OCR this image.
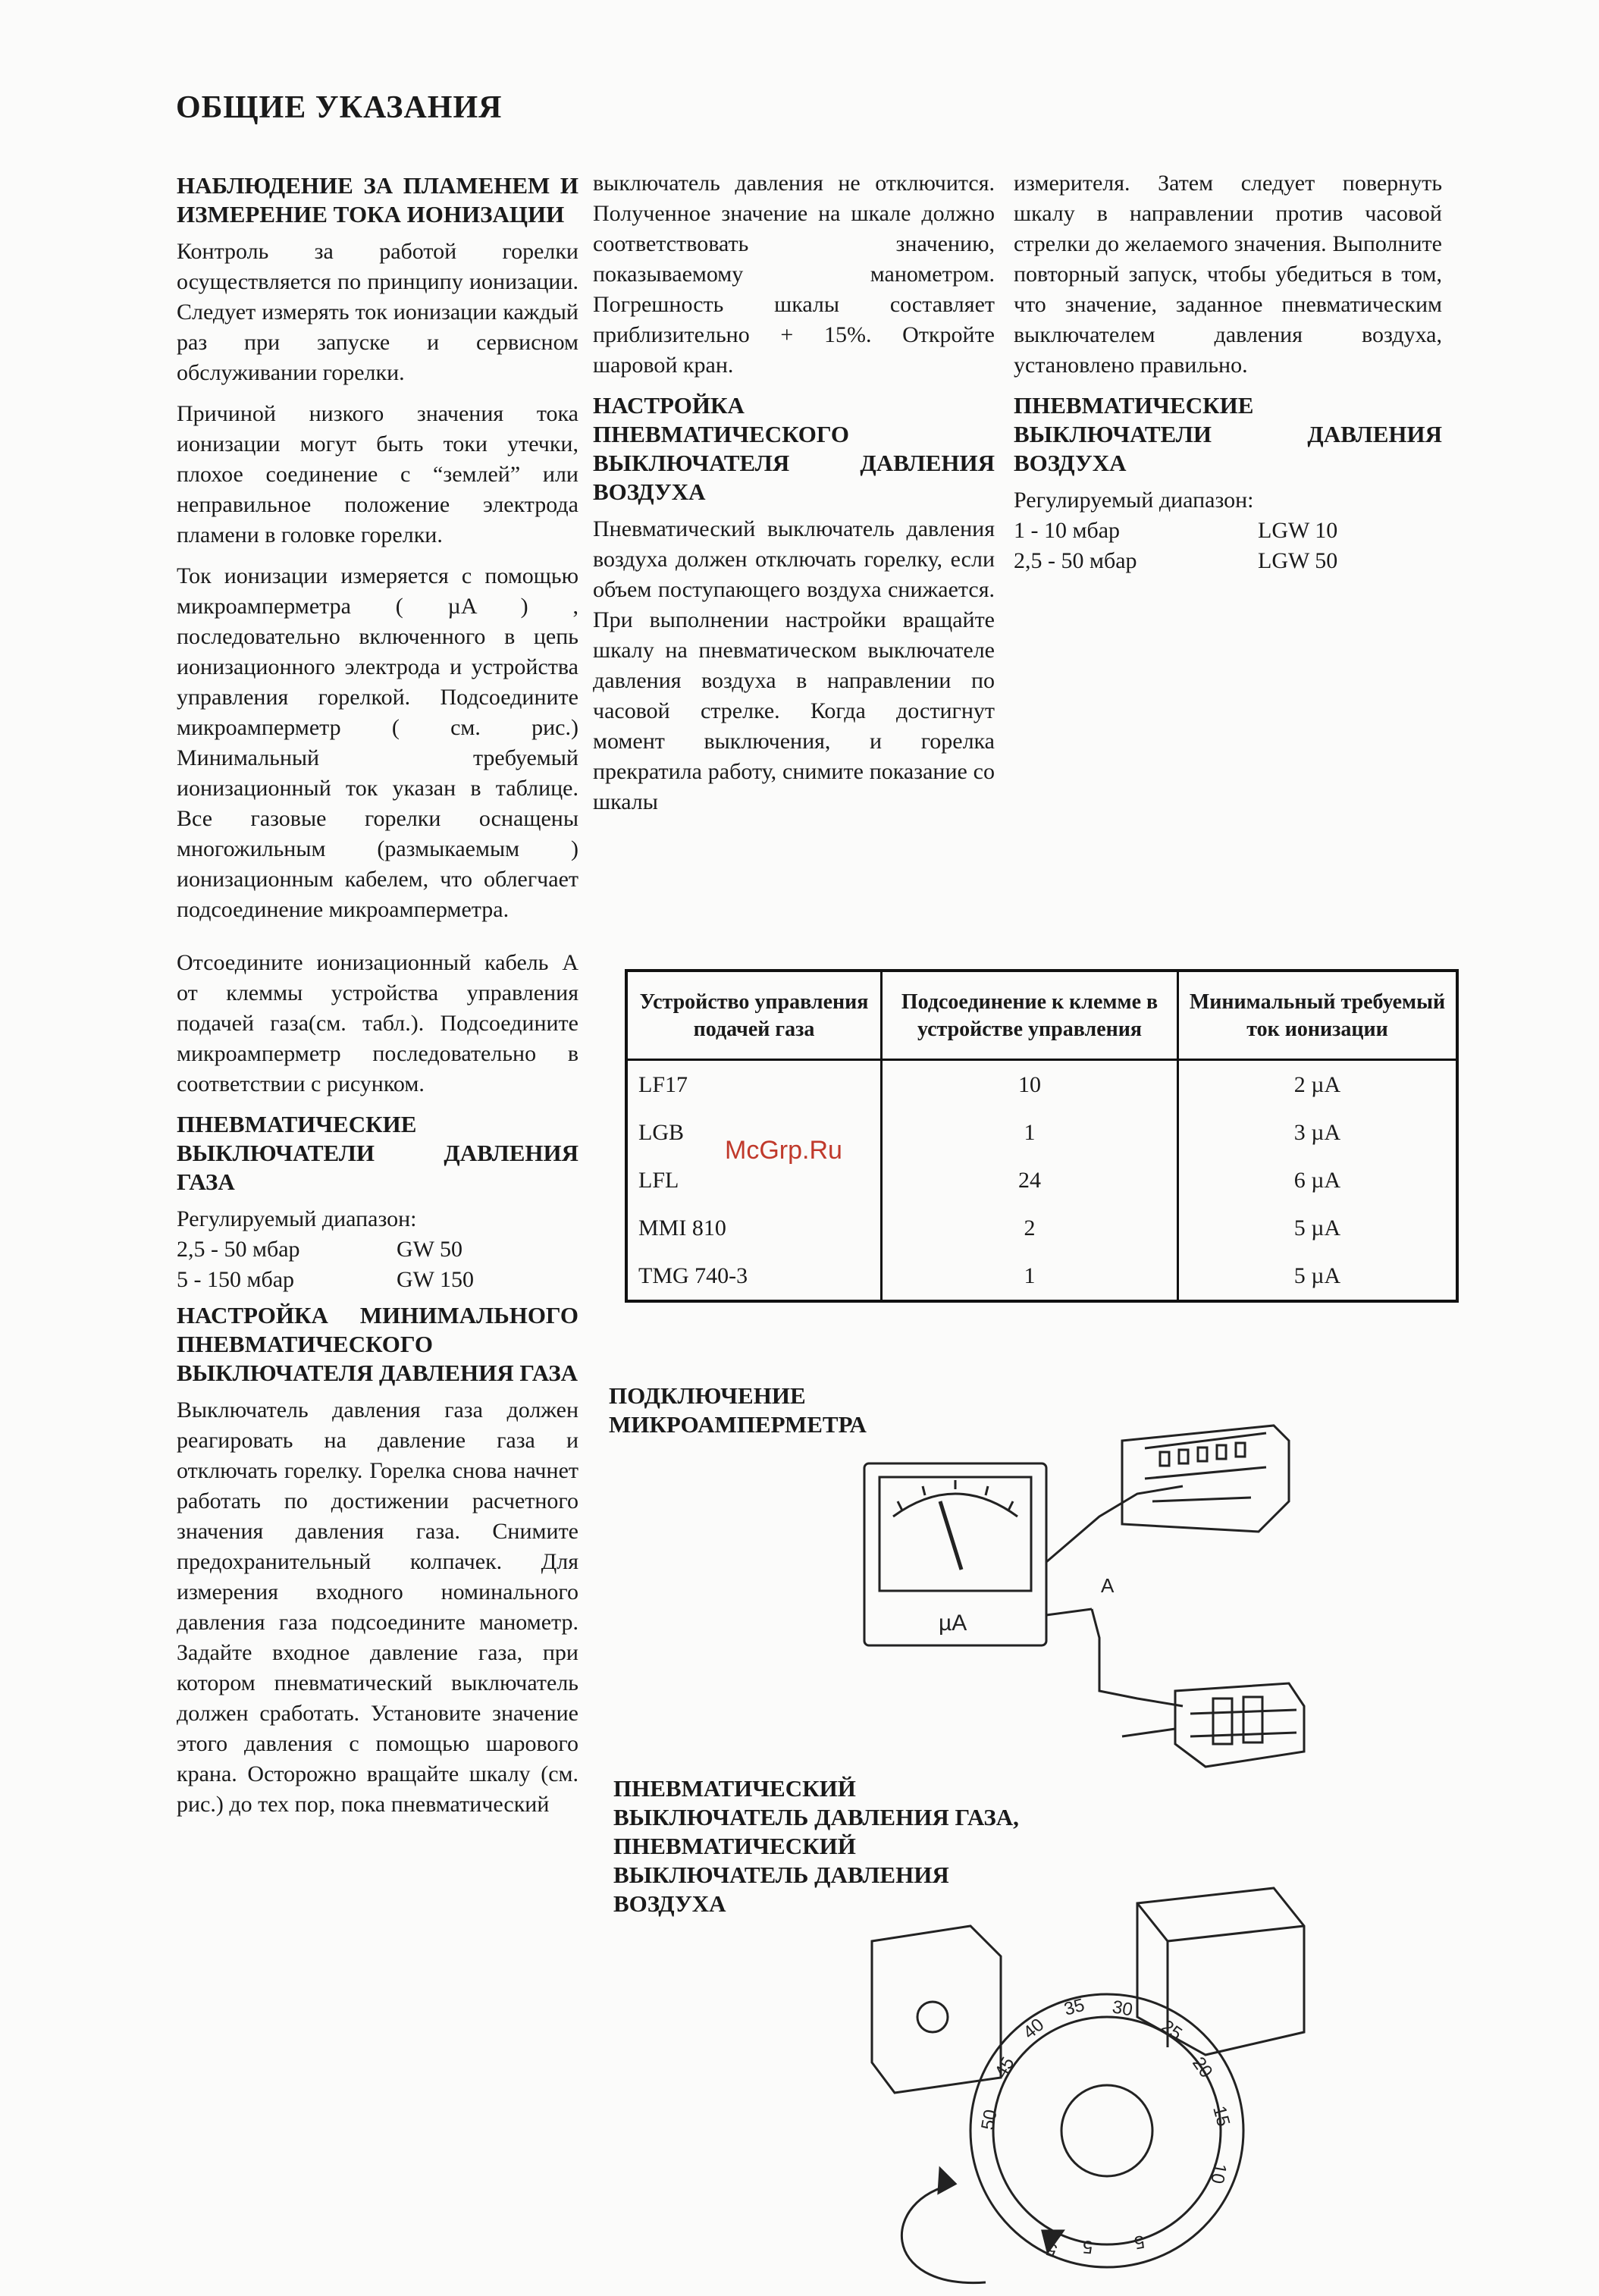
ОБЩИЕ УКАЗАНИЯ
НАБЛЮДЕНИЕ ЗА ПЛАМЕНЕМ И ИЗМЕРЕНИЕ ТОКА ИОНИЗАЦИИ

Контроль за работой горелки осуществляется по принципу ионизации. Следует измерять ток ионизации каждый раз при запуске и сервисном обслуживании горелки.

Причиной низкого значения тока ионизации могут быть токи утечки, плохое соединение с “землей” или неправильное положение электрода пламени в головке горелки.

Ток ионизации измеряется с помощью микроамперметра ( µA ) , последовательно включенного в цепь ионизационного электрода и устройства управления горелкой. Подсоедините микроамперметр ( см. рис.) Минимальный требуемый ионизационный ток указан в таблице. Все газовые горелки оснащены многожильным (размыкаемым ) ионизационным кабелем, что облегчает подсоединение микроамперметра.

Отсоедините ионизационный кабель А от клеммы устройства управления подачей газа(см. табл.). Подсоедините микроамперметр последовательно в соответствии с рисунком.

ПНЕВМАТИЧЕСКИЕ ВЫКЛЮЧАТЕЛИ ДАВЛЕНИЯ ГАЗА
Регулируемый диапазон:
2,5 - 50 мбар	GW 50
5 - 150 мбар	GW 150
НАСТРОЙКА МИНИМАЛЬНОГО ПНЕВМАТИЧЕСКОГО ВЫКЛЮЧАТЕЛЯ ДАВЛЕНИЯ ГАЗА

Выключатель давления газа должен реагировать на давление газа и отключать горелку. Горелка снова начнет работать по достижении расчетного значения давления газа. Снимите предохранительный колпачек. Для измерения входного номинального давления газа подсоедините манометр. Задайте входное давление газа, при котором пневматический выключатель должен сработать. Установите значение этого давления с помощью шарового крана. Осторожно вращайте шкалу (см. рис.) до тех пор, пока пневматический

выключатель давления не отключится. Полученное значение на шкале должно соответствовать значению, показываемому манометром. Погрешность шкалы составляет приблизительно + 15%. Откройте шаровой кран.

НАСТРОЙКА ПНЕВМАТИЧЕСКОГО ВЫКЛЮЧАТЕЛЯ ДАВЛЕНИЯ ВОЗДУХА

Пневматический выключатель давления воздуха должен отключать горелку, если объем поступающего воздуха снижается. При выполнении настройки вращайте шкалу на пневматическом выключателе давления воздуха в направлении по часовой стрелке. Когда достигнут момент выключения, и горелка прекратила работу, снимите показание со шкалы

измерителя. Затем следует повернуть шкалу в направлении против часовой стрелки до желаемого значения. Выполните повторный запуск, чтобы убедиться в том, что значение, заданное пневматическим выключателем давления воздуха, установлено правильно.

ПНЕВМАТИЧЕСКИЕ ВЫКЛЮЧАТЕЛИ ДАВЛЕНИЯ ВОЗДУХА
Регулируемый диапазон:
1 - 10 мбар	LGW 10
2,5 - 50 мбар	LGW 50
Устройство управления подачей газа	Подсоединение к клемме в устройстве управления	Минимальный требуемый ток ионизации
LF17	10	2 µA
LGB	1	3 µA
LFL	24	6 µA
MMI 810	2	5 µA
TMG 740-3	1	5 µA
McGrp.Ru
ПОДКЛЮЧЕНИЕ МИКРОАМПЕРМЕТРА
µA
A
ПНЕВМАТИЧЕСКИЙ ВЫКЛЮЧАТЕЛЬ ДАВЛЕНИЯ ГАЗА, ПНЕВМАТИЧЕСКИЙ ВЫКЛЮЧАТЕЛЬ ДАВЛЕНИЯ ВОЗДУХА
50
45
40
35 30
25
20
15
10
5
5
5
